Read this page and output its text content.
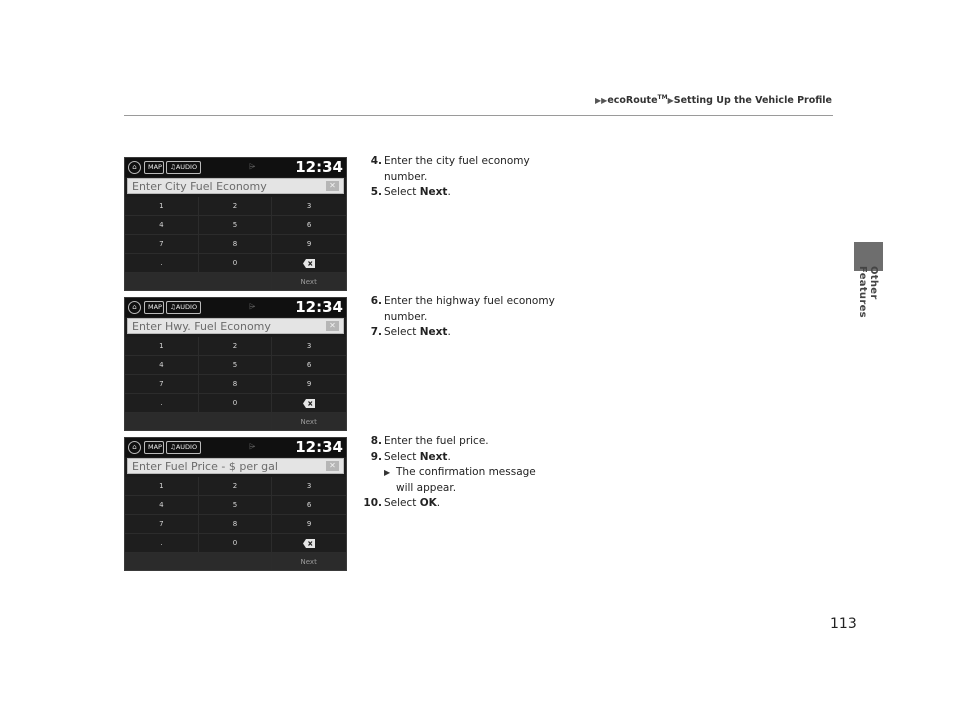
▶▶ecoRoute™▶Setting Up the Vehicle Profile
Other Features
⌂	MAP	♫AUDIO	⩥	12:34
Enter City Fuel Economy	✕
1	2	3
4	5	6
7	8	9
.	0
Next
⌂	MAP	♫AUDIO	⩥	12:34
Enter Hwy. Fuel Economy	✕
1	2	3
4	5	6
7	8	9
.	0
Next
⌂	MAP	♫AUDIO	⩥	12:34
Enter Fuel Price - $ per gal	✕
1	2	3
4	5	6
7	8	9
.	0
Next
4. Enter the city fuel economy number.
5. Select Next.
6. Enter the highway fuel economy number.
7. Select Next.
8. Enter the fuel price.
9. Select Next.
▶ The confirmation message will appear.
10. Select OK.
113
